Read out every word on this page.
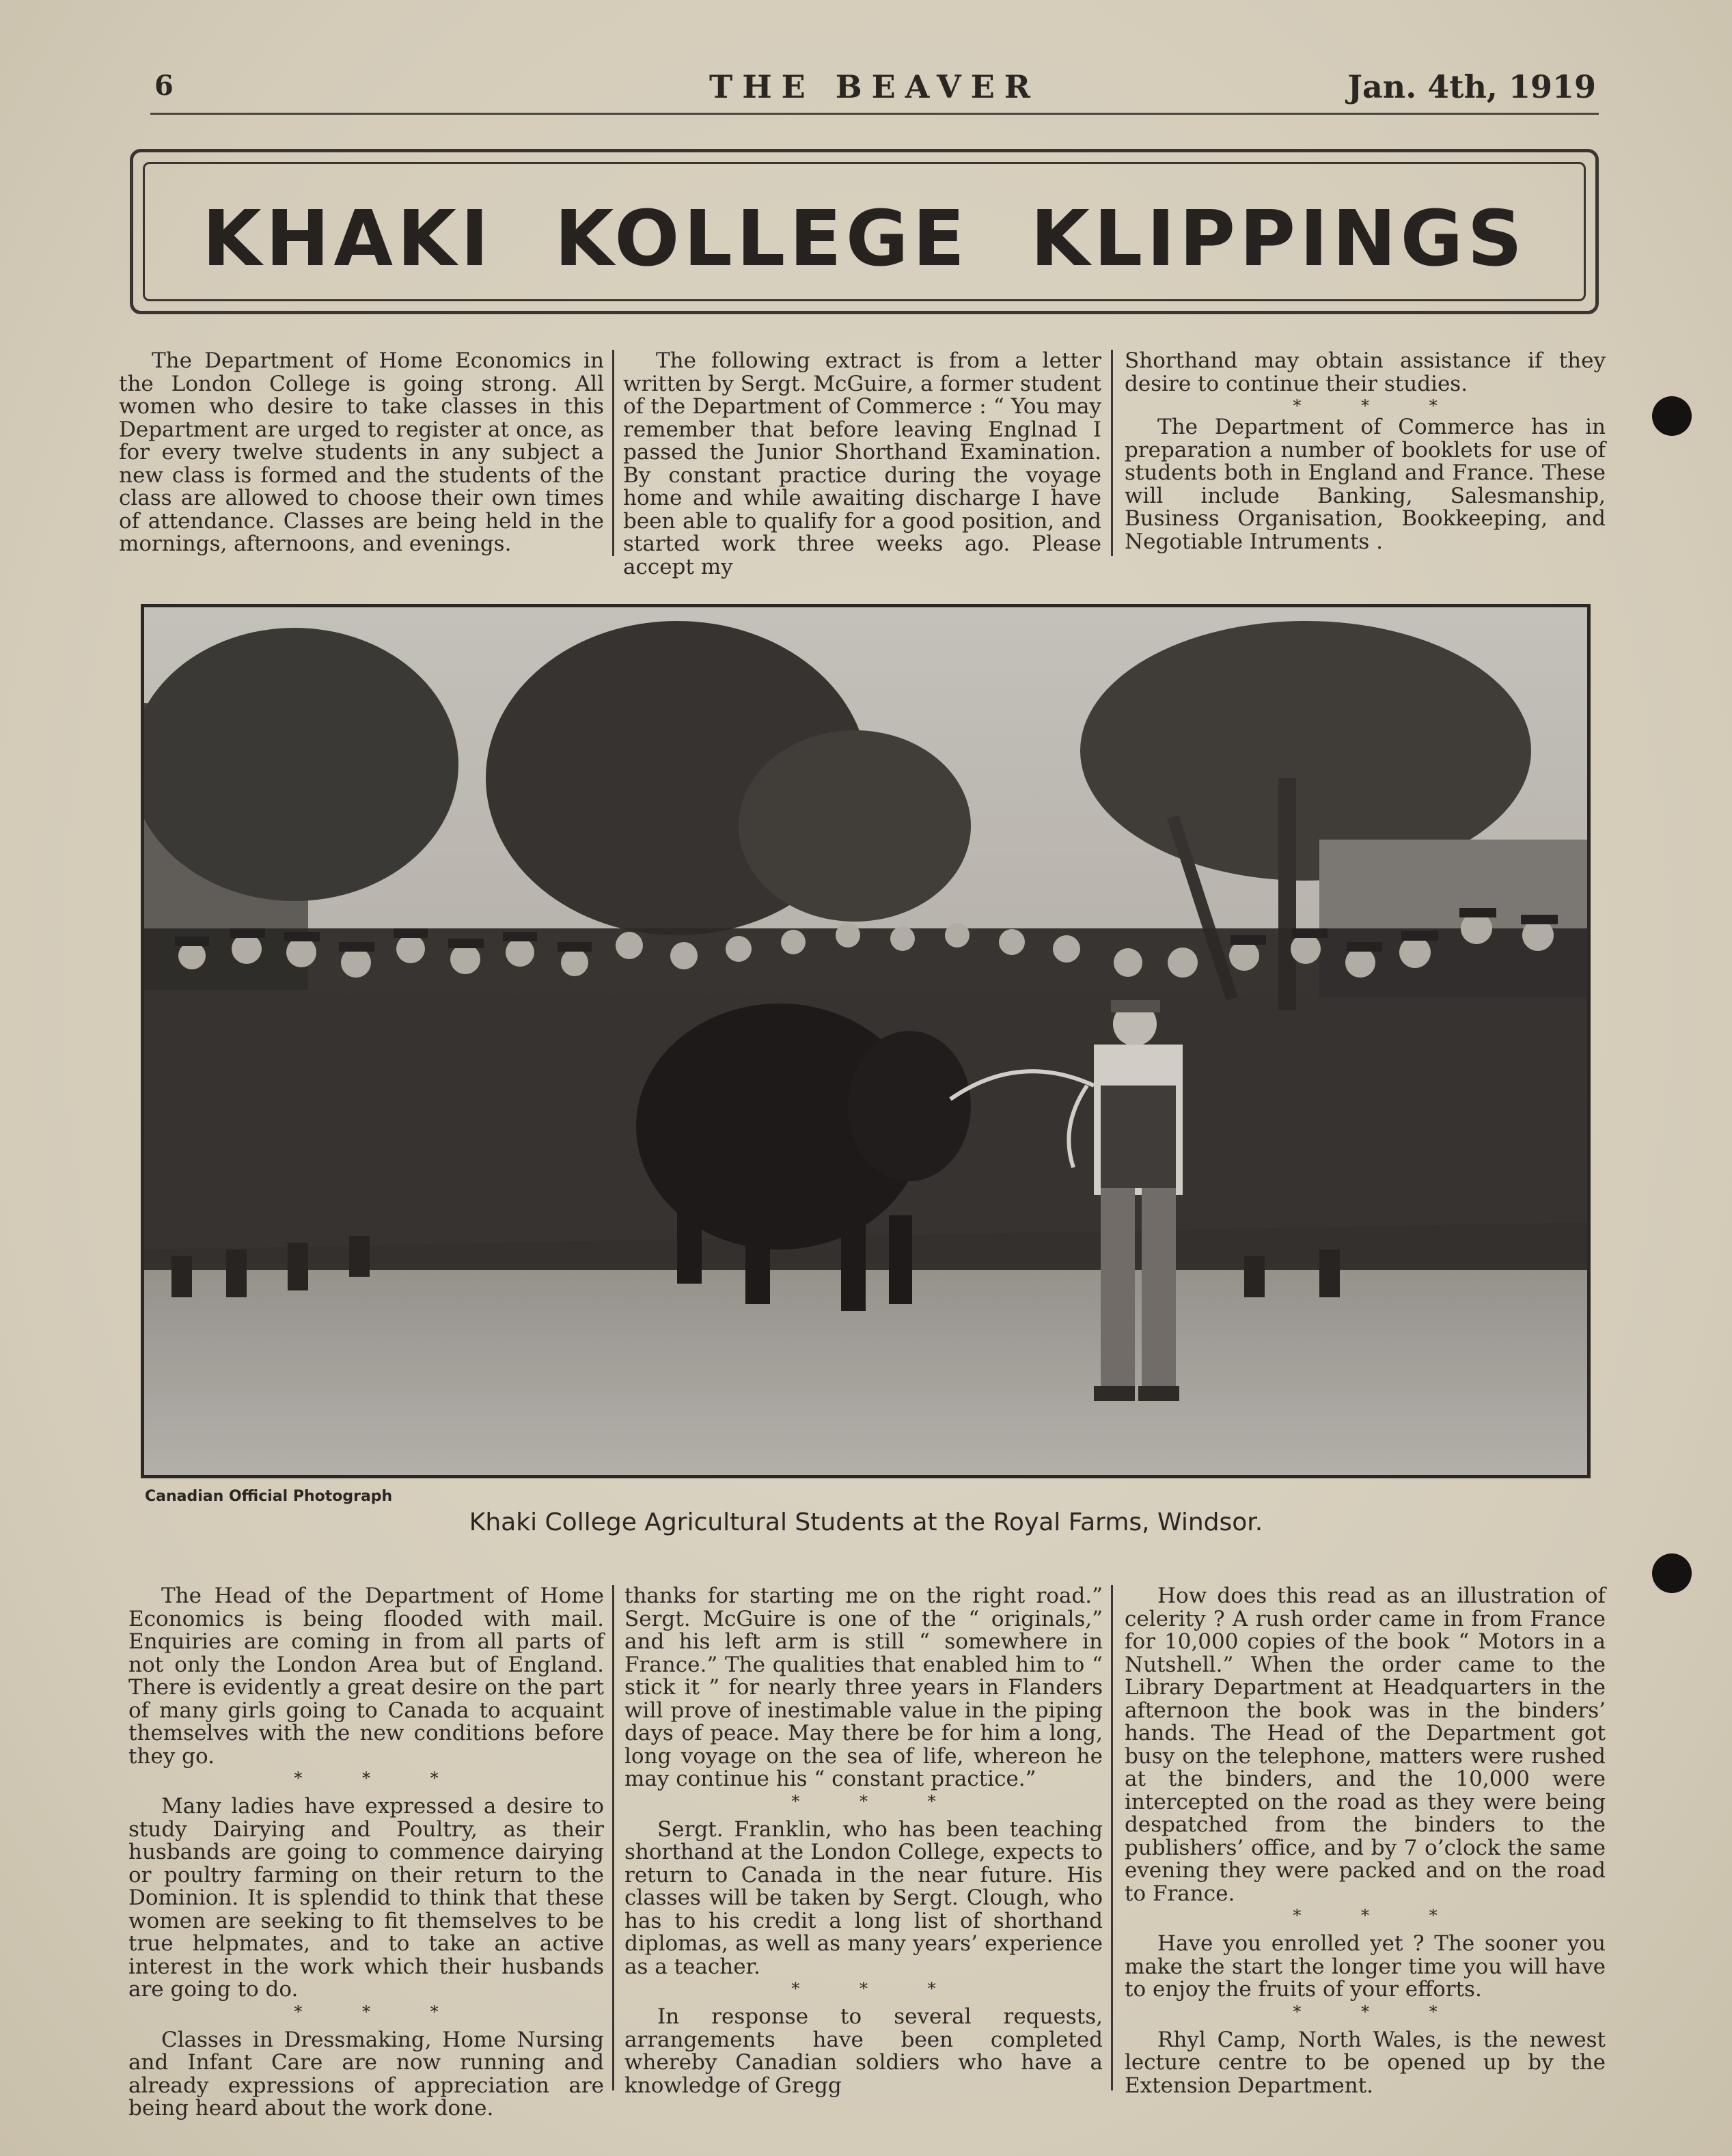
6	THE BEAVER	Jan. 4th, 1919
KHAKI  KOLLEGE  KLIPPINGS

The Department of Home Economics in the London College is going strong. All women who desire to take classes in this Department are urged to register at once, as for every twelve students in any subject a new class is formed and the students of the class are allowed to choose their own times of attendance. Classes are being held in the mornings, afternoons, and evenings.

The following extract is from a letter written by Sergt. McGuire, a former student of the Department of Commerce : “ You may remember that before leaving Englnad I passed the Junior Shorthand Examination. By constant practice during the voyage home and while awaiting discharge I have been able to qualify for a good position, and started work three weeks ago. Please accept my

Shorthand may obtain assistance if they desire to continue their studies.

* * *

The Department of Commerce has in preparation a number of booklets for use of students both in England and France. These will include Banking, Salesmanship, Business Organisation, Bookkeeping, and Negotiable Intruments .

Canadian Official Photograph
Khaki College Agricultural Students at the Royal Farms, Windsor.

The Head of the Department of Home Economics is being flooded with mail. Enquiries are coming in from all parts of not only the London Area but of England. There is evidently a great desire on the part of many girls going to Canada to acquaint themselves with the new conditions before they go.

* * *

Many ladies have expressed a desire to study Dairying and Poultry, as their husbands are going to commence dairying or poultry farming on their return to the Dominion. It is splendid to think that these women are seeking to fit themselves to be true helpmates, and to take an active interest in the work which their husbands are going to do.

* * *

Classes in Dressmaking, Home Nursing and Infant Care are now running and already expressions of appreciation are being heard about the work done.

thanks for starting me on the right road.” Sergt. McGuire is one of the “ originals,” and his left arm is still “ somewhere in France.” The qualities that enabled him to “ stick it ” for nearly three years in Flanders will prove of inestimable value in the piping days of peace. May there be for him a long, long voyage on the sea of life, whereon he may continue his “ constant practice.”

* * *

Sergt. Franklin, who has been teaching shorthand at the London College, expects to return to Canada in the near future. His classes will be taken by Sergt. Clough, who has to his credit a long list of shorthand diplomas, as well as many years’ experience as a teacher.

* * *

In response to several requests, arrangements have been completed whereby Canadian soldiers who have a knowledge of Gregg

How does this read as an illustration of celerity ? A rush order came in from France for 10,000 copies of the book “ Motors in a Nutshell.” When the order came to the Library Department at Headquarters in the afternoon the book was in the binders’ hands. The Head of the Department got busy on the telephone, matters were rushed at the binders, and the 10,000 were intercepted on the road as they were being despatched from the binders to the publishers’ office, and by 7 o’clock the same evening they were packed and on the road to France.

* * *

Have you enrolled yet ? The sooner you make the start the longer time you will have to enjoy the fruits of your efforts.

* * *

Rhyl Camp, North Wales, is the newest lecture centre to be opened up by the Extension Department.
